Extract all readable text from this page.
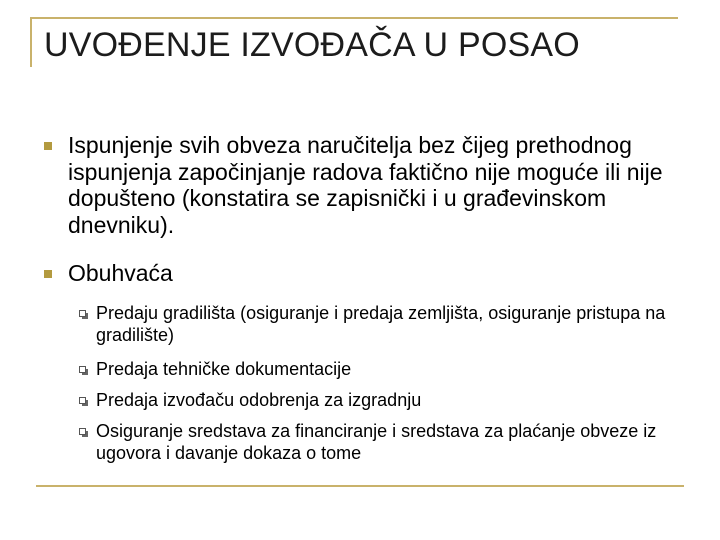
UVOĐENJE IZVOĐAČA U POSAO
Ispunjenje svih obveza naručitelja bez čijeg prethodnog ispunjenja započinjanje radova faktično nije moguće ili nije dopušteno (konstatira se zapisnički i u građevinskom dnevniku).
Obuhvaća
Predaju gradilišta (osiguranje i predaja zemljišta, osiguranje pristupa na gradilište)
Predaja tehničke dokumentacije
Predaja izvođaču odobrenja za izgradnju
Osiguranje sredstava za financiranje i sredstava za plaćanje obveze iz ugovora i davanje dokaza o tome
